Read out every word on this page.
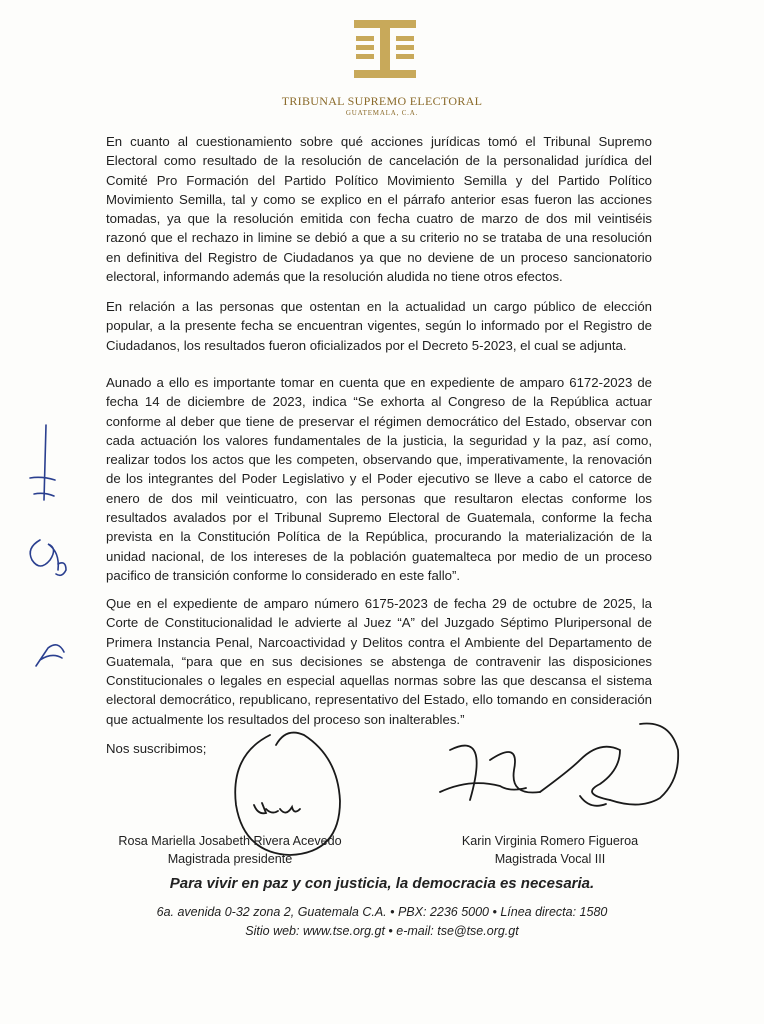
TRIBUNAL SUPREMO ELECTORAL
GUATEMALA, C.A.

En cuanto al cuestionamiento sobre qué acciones jurídicas tomó el Tribunal Supremo Electoral como resultado de la resolución de cancelación de la personalidad jurídica del Comité Pro Formación del Partido Político Movimiento Semilla y del Partido Político Movimiento Semilla, tal y como se explico en el párrafo anterior esas fueron las acciones tomadas, ya que la resolución emitida con fecha cuatro de marzo de dos mil veintiséis razonó que el rechazo in limine se debió a que a su criterio no se trataba de una resolución en definitiva del Registro de Ciudadanos ya que no deviene de un proceso sancionatorio electoral, informando además que la resolución aludida no tiene otros efectos.

En relación a las personas que ostentan en la actualidad un cargo público de elección popular, a la presente fecha se encuentran vigentes, según lo informado por el Registro de Ciudadanos, los resultados fueron oficializados por el Decreto 5-2023, el cual se adjunta.

Aunado a ello es importante tomar en cuenta que en expediente de amparo 6172-2023 de fecha 14 de diciembre de 2023, indica “Se exhorta al Congreso de la República actuar conforme al deber que tiene de preservar el régimen democrático del Estado, observar con cada actuación los valores fundamentales de la justicia, la seguridad y la paz, así como, realizar todos los actos que les competen, observando que, imperativamente, la renovación de los integrantes del Poder Legislativo y el Poder ejecutivo se lleve a cabo el catorce de enero de dos mil veinticuatro, con las personas que resultaron electas conforme los resultados avalados por el Tribunal Supremo Electoral de Guatemala, conforme la fecha prevista en la Constitución Política de la República, procurando la materialización de la unidad nacional, de los intereses de la población guatemalteca por medio de un proceso pacifico de transición conforme lo considerado en este fallo”.

Que en el expediente de amparo número 6175-2023 de fecha 29 de octubre de 2025, la Corte de Constitucionalidad le advierte al Juez “A” del Juzgado Séptimo Pluripersonal de Primera Instancia Penal, Narcoactividad y Delitos contra el Ambiente del Departamento de Guatemala, “para que en sus decisiones se abstenga de contravenir las disposiciones Constitucionales o legales en especial aquellas normas sobre las que descansa el sistema electoral democrático, republicano, representativo del Estado, ello tomando en consideración que actualmente los resultados del proceso son inalterables.”

Nos suscribimos;
Rosa Mariella Josabeth Rivera Acevedo
Magistrada presidente
Karin Virginia Romero Figueroa
Magistrada Vocal III
Para vivir en paz y con justicia, la democracia es necesaria.
6a. avenida 0-32 zona 2, Guatemala C.A. • PBX: 2236 5000 • Línea directa: 1580
Sitio web: www.tse.org.gt • e-mail: tse@tse.org.gt
